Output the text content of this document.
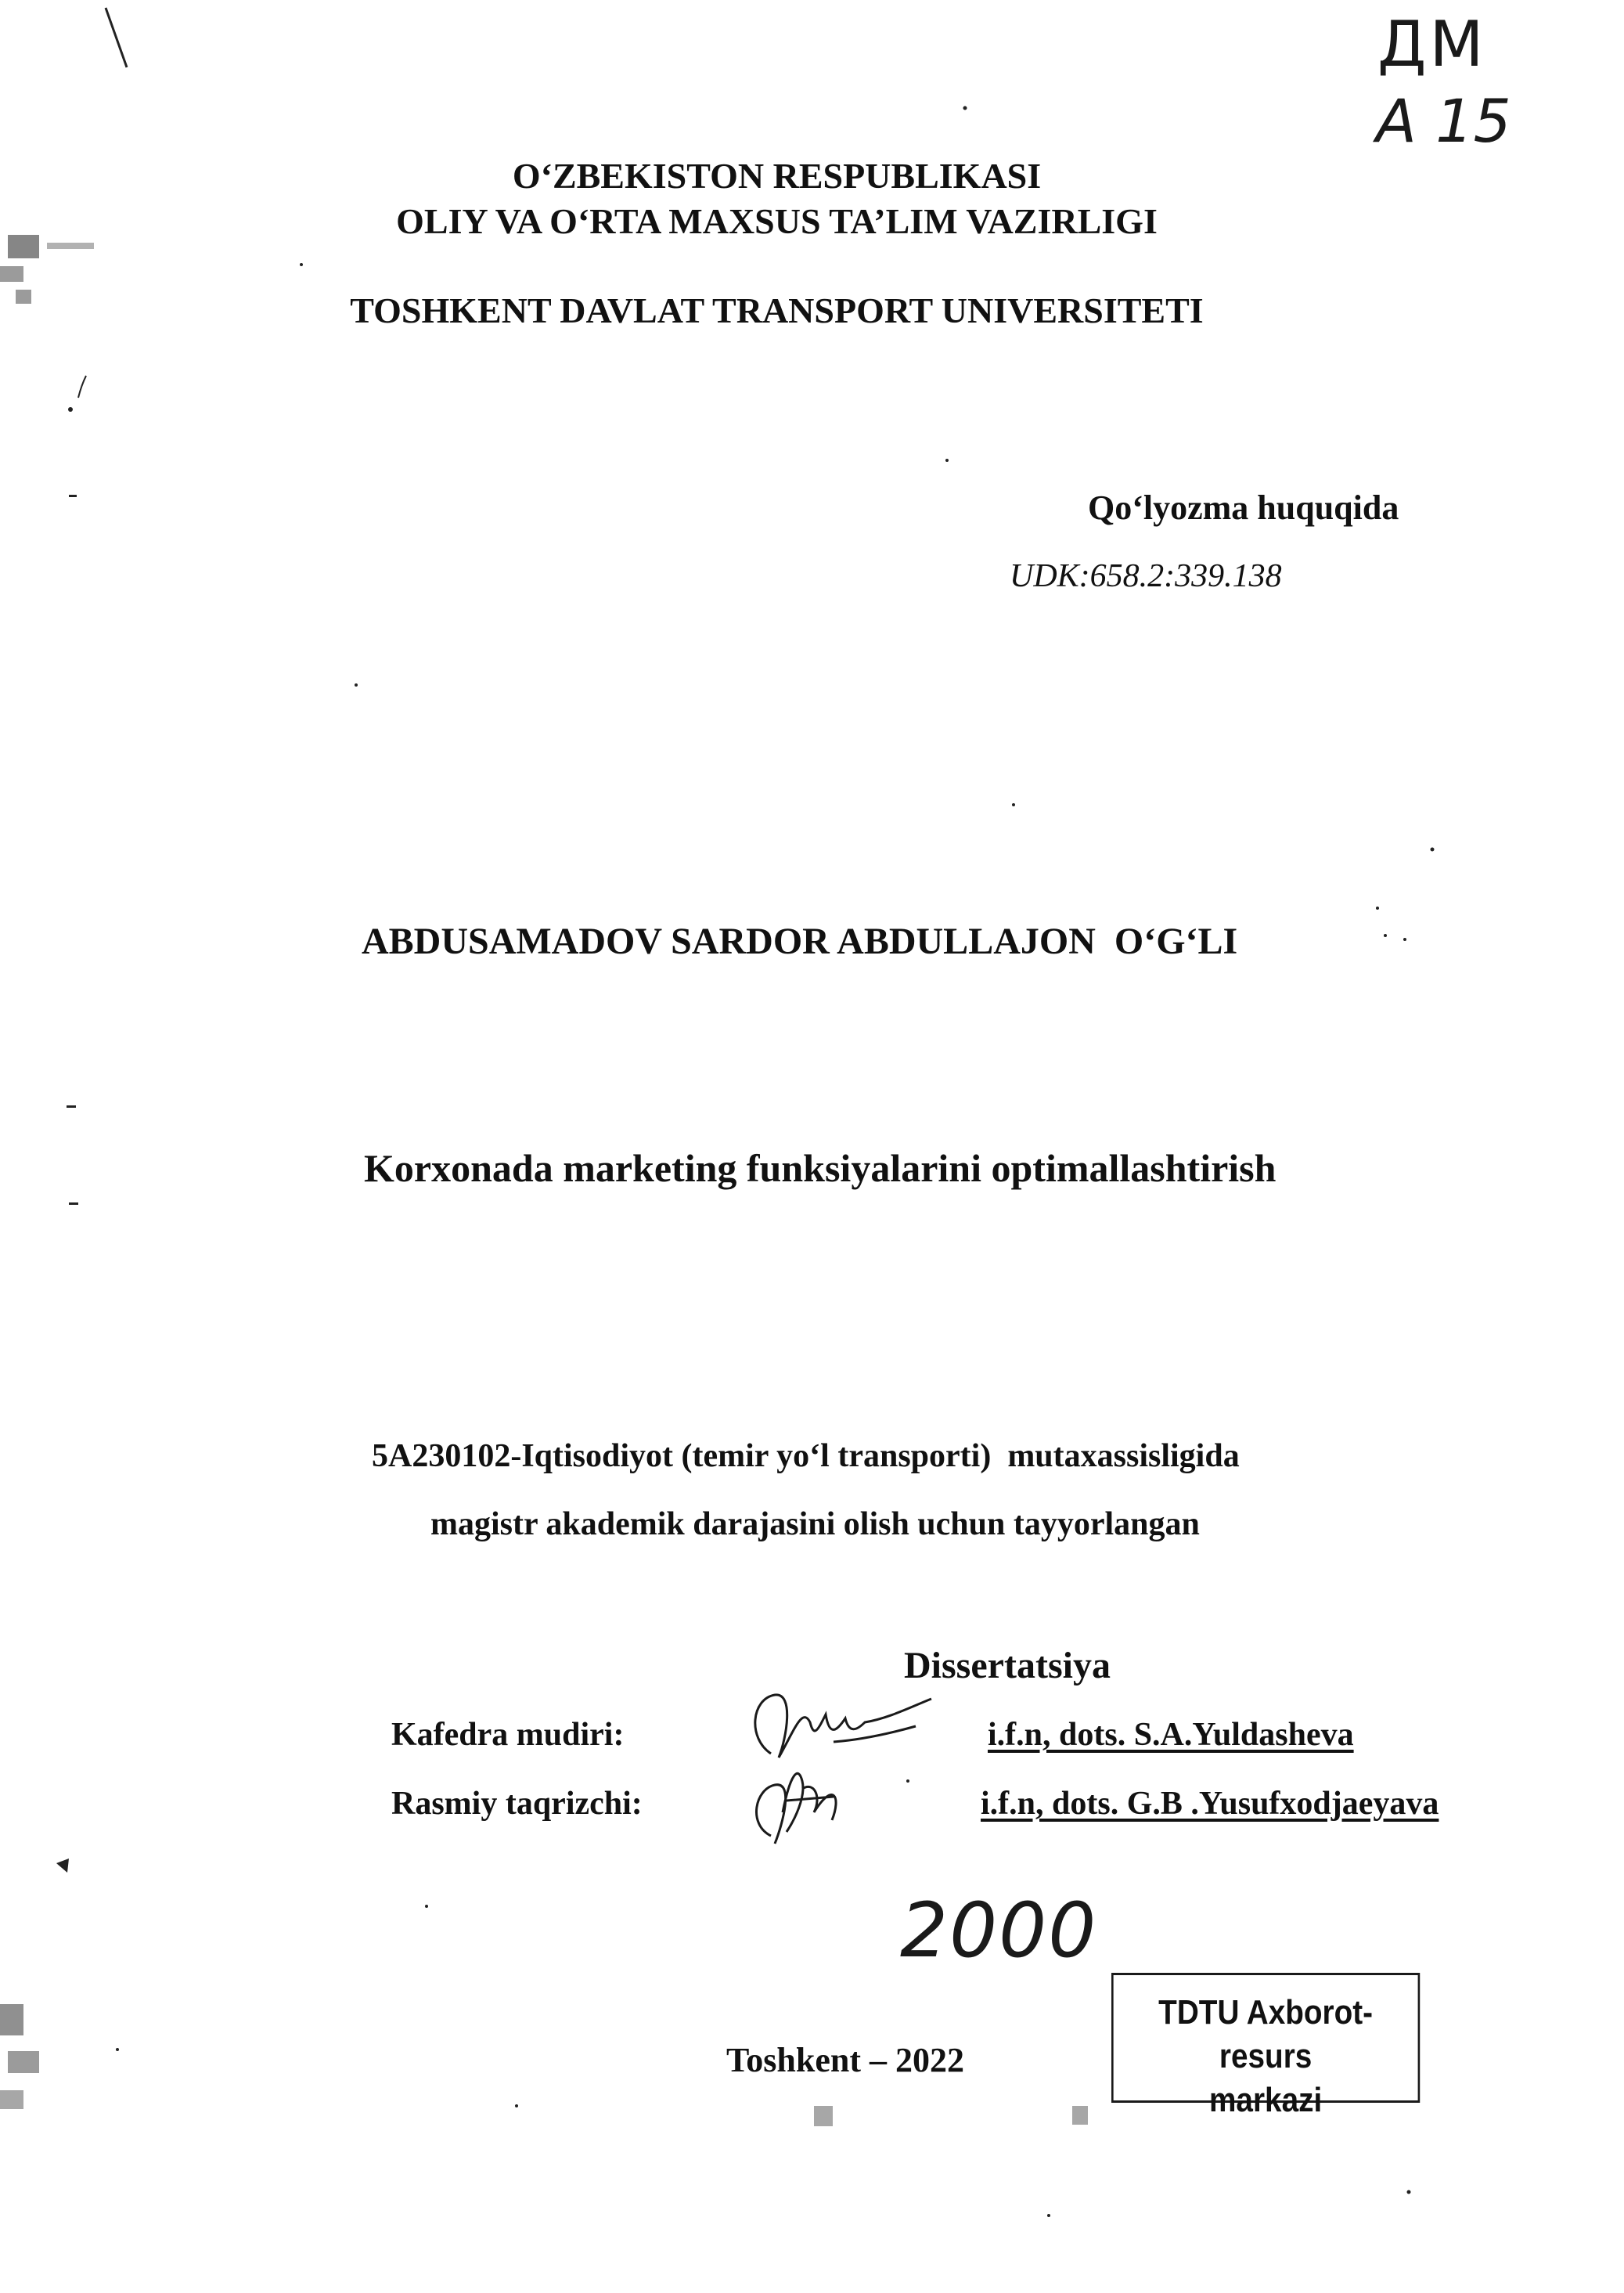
ДМ
A 15
O‘ZBEKISTON RESPUBLIKASI
OLIY VA O‘RTA MAXSUS TA’LIM VAZIRLIGI
TOSHKENT DAVLAT TRANSPORT UNIVERSITETI
Qo‘lyozma huquqida
UDK:658.2:339.138
ABDUSAMADOV SARDOR ABDULLAJON  O‘G‘LI
Korxonada marketing funksiyalarini optimallashtirish
5A230102-Iqtisodiyot (temir yo‘l transporti)  mutaxassisligida
magistr akademik darajasini olish uchun tayyorlangan
Dissertatsiya
Kafedra mudiri:	i.f.n, dots. S.A.Yuldasheva
Rasmiy taqrizchi:	i.f.n, dots. G.B .Yusufxodjaeyava
2000
Toshkent – 2022
TDTU Axborot-resurs
markazi
